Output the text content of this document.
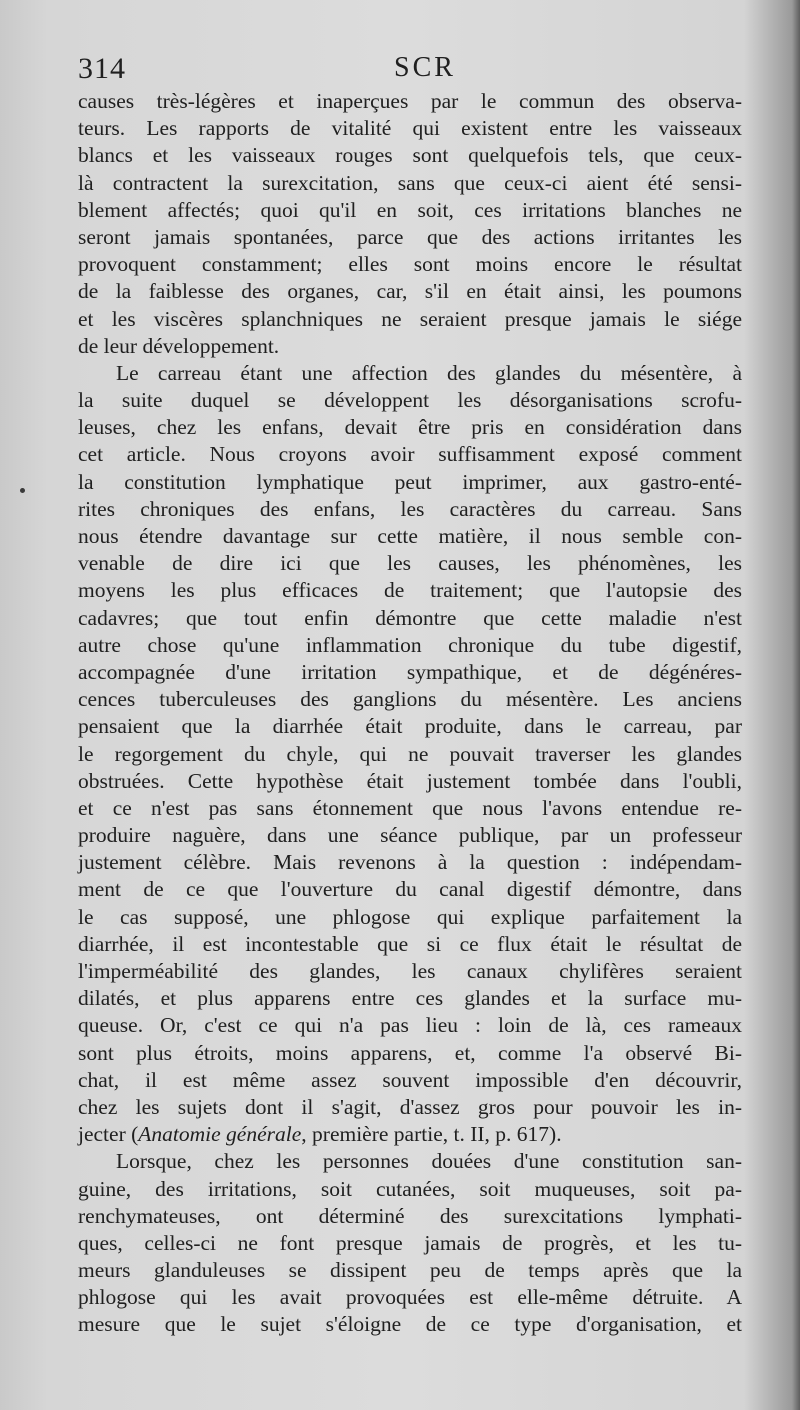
314	SCR
causes très-légères et inaperçues par le commun des observa-
teurs. Les rapports de vitalité qui existent entre les vaisseaux
blancs et les vaisseaux rouges sont quelquefois tels, que ceux-
là contractent la surexcitation, sans que ceux-ci aient été sensi-
blement affectés; quoi qu'il en soit, ces irritations blanches ne
seront jamais spontanées, parce que des actions irritantes les
provoquent constamment; elles sont moins encore le résultat
de la faiblesse des organes, car, s'il en était ainsi, les poumons
et les viscères splanchniques ne seraient presque jamais le siége
de leur développement.
Le carreau étant une affection des glandes du mésentère, à
la suite duquel se développent les désorganisations scrofu-
leuses, chez les enfans, devait être pris en considération dans
cet article. Nous croyons avoir suffisamment exposé comment
la constitution lymphatique peut imprimer, aux gastro-enté-
rites chroniques des enfans, les caractères du carreau. Sans
nous étendre davantage sur cette matière, il nous semble con-
venable de dire ici que les causes, les phénomènes, les
moyens les plus efficaces de traitement; que l'autopsie des
cadavres; que tout enfin démontre que cette maladie n'est
autre chose qu'une inflammation chronique du tube digestif,
accompagnée d'une irritation sympathique, et de dégénéres-
cences tuberculeuses des ganglions du mésentère. Les anciens
pensaient que la diarrhée était produite, dans le carreau, par
le regorgement du chyle, qui ne pouvait traverser les glandes
obstruées. Cette hypothèse était justement tombée dans l'oubli,
et ce n'est pas sans étonnement que nous l'avons entendue re-
produire naguère, dans une séance publique, par un professeur
justement célèbre. Mais revenons à la question : indépendam-
ment de ce que l'ouverture du canal digestif démontre, dans
le cas supposé, une phlogose qui explique parfaitement la
diarrhée, il est incontestable que si ce flux était le résultat de
l'imperméabilité des glandes, les canaux chylifères seraient
dilatés, et plus apparens entre ces glandes et la surface mu-
queuse. Or, c'est ce qui n'a pas lieu : loin de là, ces rameaux
sont plus étroits, moins apparens, et, comme l'a observé Bi-
chat, il est même assez souvent impossible d'en découvrir,
chez les sujets dont il s'agit, d'assez gros pour pouvoir les in-
jecter (Anatomie générale, première partie, t. II, p. 617).
Lorsque, chez les personnes douées d'une constitution san-
guine, des irritations, soit cutanées, soit muqueuses, soit pa-
renchymateuses, ont déterminé des surexcitations lymphati-
ques, celles-ci ne font presque jamais de progrès, et les tu-
meurs glanduleuses se dissipent peu de temps après que la
phlogose qui les avait provoquées est elle-même détruite. A
mesure que le sujet s'éloigne de ce type d'organisation, et
